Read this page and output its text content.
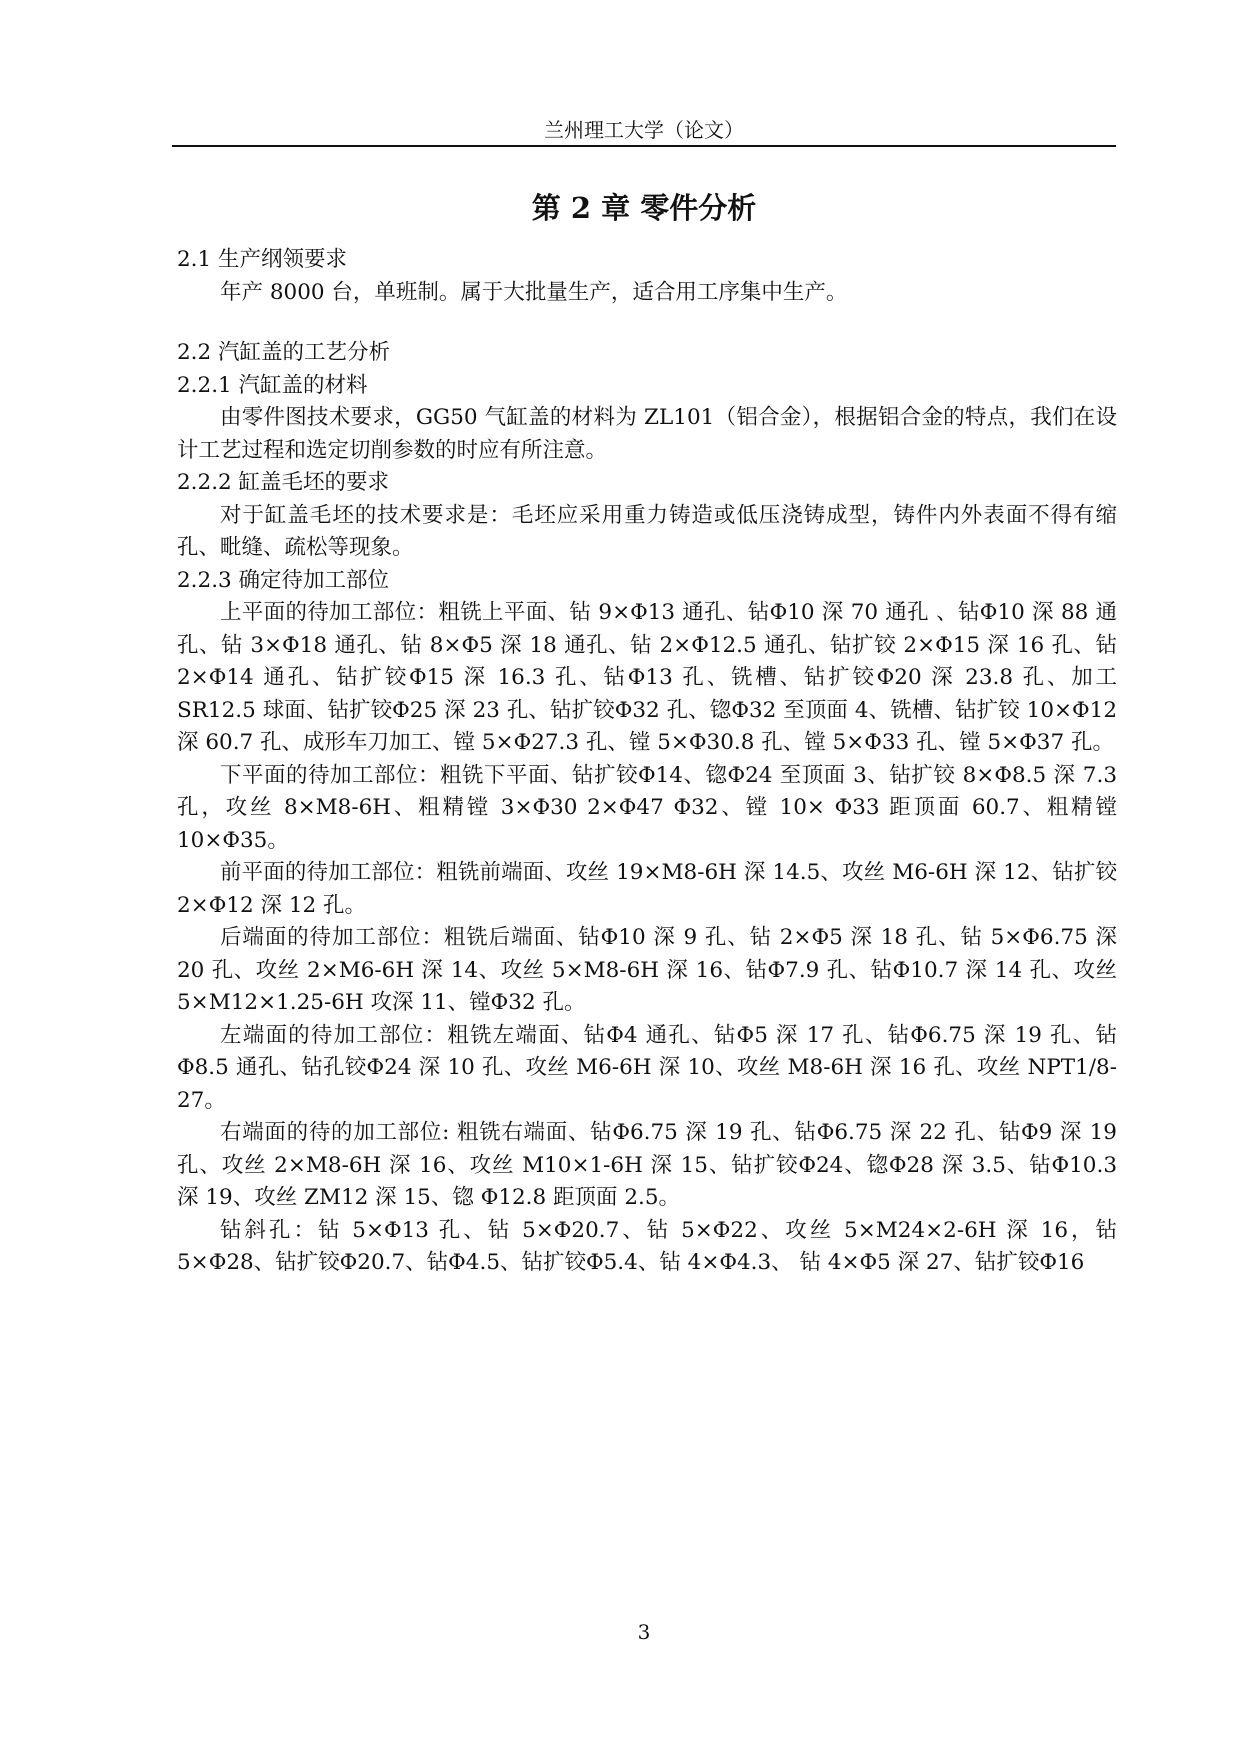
兰州理工大学（论文）
第 2 章 零件分析

2.1 生产纲领要求

年产 8000 台，单班制。属于大批量生产，适合用工序集中生产。

2.2 汽缸盖的工艺分析

2.2.1 汽缸盖的材料

由零件图技术要求，GG50 气缸盖的材料为 ZL101（铝合金），根据铝合金的特点，我们在设计工艺过程和选定切削参数的时应有所注意。

2.2.2 缸盖毛坯的要求

对于缸盖毛坯的技术要求是：毛坯应采用重力铸造或低压浇铸成型，铸件内外表面不得有缩孔、毗缝、疏松等现象。

2.2.3 确定待加工部位

上平面的待加工部位：粗铣上平面、钻 9×Φ13 通孔、钻Φ10 深 70 通孔 、钻Φ10 深 88 通孔、钻 3×Φ18 通孔、钻 8×Φ5 深 18 通孔、钻 2×Φ12.5 通孔、钻扩铰 2×Φ15 深 16 孔、钻 2×Φ14 通孔、钻扩铰Φ15 深 16.3 孔、钻Φ13 孔、铣槽、钻扩铰Φ20 深 23.8 孔、加工 SR12.5 球面、钻扩铰Φ25 深 23 孔、钻扩铰Φ32 孔、锪Φ32 至顶面 4、铣槽、钻扩铰 10×Φ12 深 60.7 孔、成形车刀加工、镗 5×Φ27.3 孔、镗 5×Φ30.8 孔、镗 5×Φ33 孔、镗 5×Φ37 孔。

下平面的待加工部位：粗铣下平面、钻扩铰Φ14、锪Φ24 至顶面 3、钻扩铰 8×Φ8.5 深 7.3 孔，攻丝 8×M8-6H、粗精镗 3×Φ30 2×Φ47 Φ32、镗 10× Φ33 距顶面 60.7、粗精镗 10×Φ35。

前平面的待加工部位：粗铣前端面、攻丝 19×M8-6H 深 14.5、攻丝 M6-6H 深 12、钻扩铰 2×Φ12 深 12 孔。

后端面的待加工部位：粗铣后端面、钻Φ10 深 9 孔、钻 2×Φ5 深 18 孔、钻 5×Φ6.75 深 20 孔、攻丝 2×M6-6H 深 14、攻丝 5×M8-6H 深 16、钻Φ7.9 孔、钻Φ10.7 深 14 孔、攻丝 5×M12×1.25-6H 攻深 11、镗Φ32 孔。

左端面的待加工部位：粗铣左端面、钻Φ4 通孔、钻Φ5 深 17 孔、钻Φ6.75 深 19 孔、钻Φ8.5 通孔、钻孔铰Φ24 深 10 孔、攻丝 M6-6H 深 10、攻丝 M8-6H 深 16 孔、攻丝 NPT1/8-27。

右端面的待的加工部位: 粗铣右端面、钻Φ6.75 深 19 孔、钻Φ6.75 深 22 孔、钻Φ9 深 19 孔、攻丝 2×M8-6H 深 16、攻丝 M10×1-6H 深 15、钻扩铰Φ24、锪Φ28 深 3.5、钻Φ10.3 深 19、攻丝 ZM12 深 15、锪 Φ12.8 距顶面 2.5。

钻斜孔：钻 5×Φ13 孔、钻 5×Φ20.7、钻 5×Φ22、攻丝 5×M24×2-6H 深 16，钻 5×Φ28、钻扩铰Φ20.7、钻Φ4.5、钻扩铰Φ5.4、钻 4×Φ4.3、 钻 4×Φ5 深 27、钻扩铰Φ16

3
